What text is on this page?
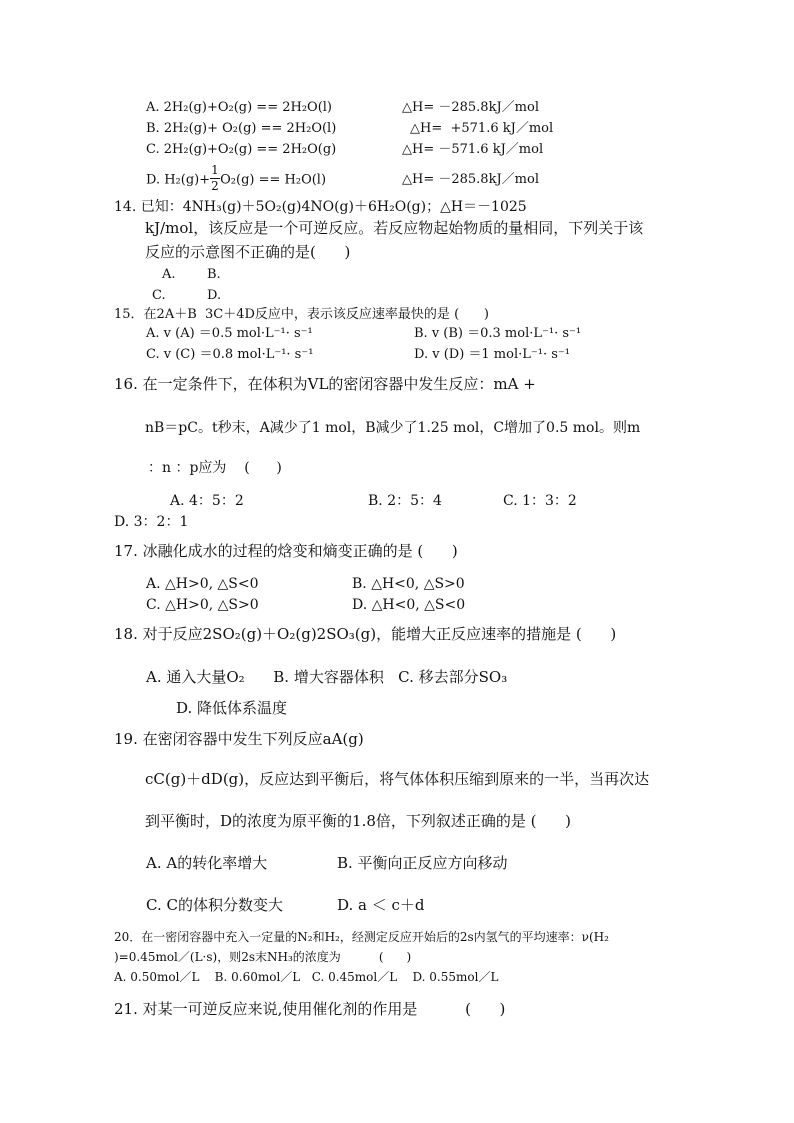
A. 2H₂(g)+O₂(g) == 2H₂O(l)	△H= －285.8kJ／mol
B. 2H₂(g)+ O₂(g) == 2H₂O(l)	△H=  +571.6 kJ／mol
C. 2H₂(g)+O₂(g) == 2H₂O(g)	△H= －571.6 kJ／mol
D. $H_2(g)+ \frac{1}{2} O_2(g) == H_2O(l)$	△H= －285.8kJ／mol
14. 已知：4NH₃(g)＋5O₂(g)4NO(g)＋6H₂O(g)；△H＝－1025
kJ/mol，该反应是一个可逆反应。若反应物起始物质的量相同，下列关于该
反应的示意图不正确的是(      )
A. B.
C.	D.
15．在2A＋B  3C＋4D反应中，表示该反应速率最快的是 (      )
A. v (A) ＝0.5 mol·L⁻¹· s⁻¹	B. v (B) ＝0.3 mol·L⁻¹· s⁻¹
C. v (C) ＝0.8 mol·L⁻¹· s⁻¹	D. v (D) ＝1 mol·L⁻¹· s⁻¹
16. 在一定条件下，在体积为VL的密闭容器中发生反应：mA +
nB＝pC。t秒末，A减少了1 mol，B减少了1.25 mol，C增加了0.5 mol。则m
：n ：p应为    (      )
A. 4：5：2	B. 2：5：4	C. 1：3：2
D. 3：2：1
17. 冰融化成水的过程的焓变和熵变正确的是 (      )
A. △H>0, △S<0	B. △H<0, △S>0
C. △H>0, △S>0	D. △H<0, △S<0
18. 对于反应2SO₂(g)＋O₂(g)2SO₃(g)，能增大正反应速率的措施是 (      )
A. 通入大量O₂      B. 增大容器体积   C. 移去部分SO₃
D. 降低体系温度
19. 在密闭容器中发生下列反应aA(g)
cC(g)＋dD(g)，反应达到平衡后，将气体体积压缩到原来的一半，当再次达
到平衡时，D的浓度为原平衡的1.8倍，下列叙述正确的是 (      )
A. A的转化率增大	B. 平衡向正反应方向移动
C. C的体积分数变大	D. a ＜ c＋d
20．在一密闭容器中充入一定量的N₂和H₂，经测定反应开始后的2s内氢气的平均速率：ν(H₂
)=0.45mol／(L·s)，则2s末NH₃的浓度为          (      )
A. 0.50mol／L    B. 0.60mol／L   C. 0.45mol／L    D. 0.55mol／L
21. 对某一可逆反应来说,使用催化剂的作用是          (      )
